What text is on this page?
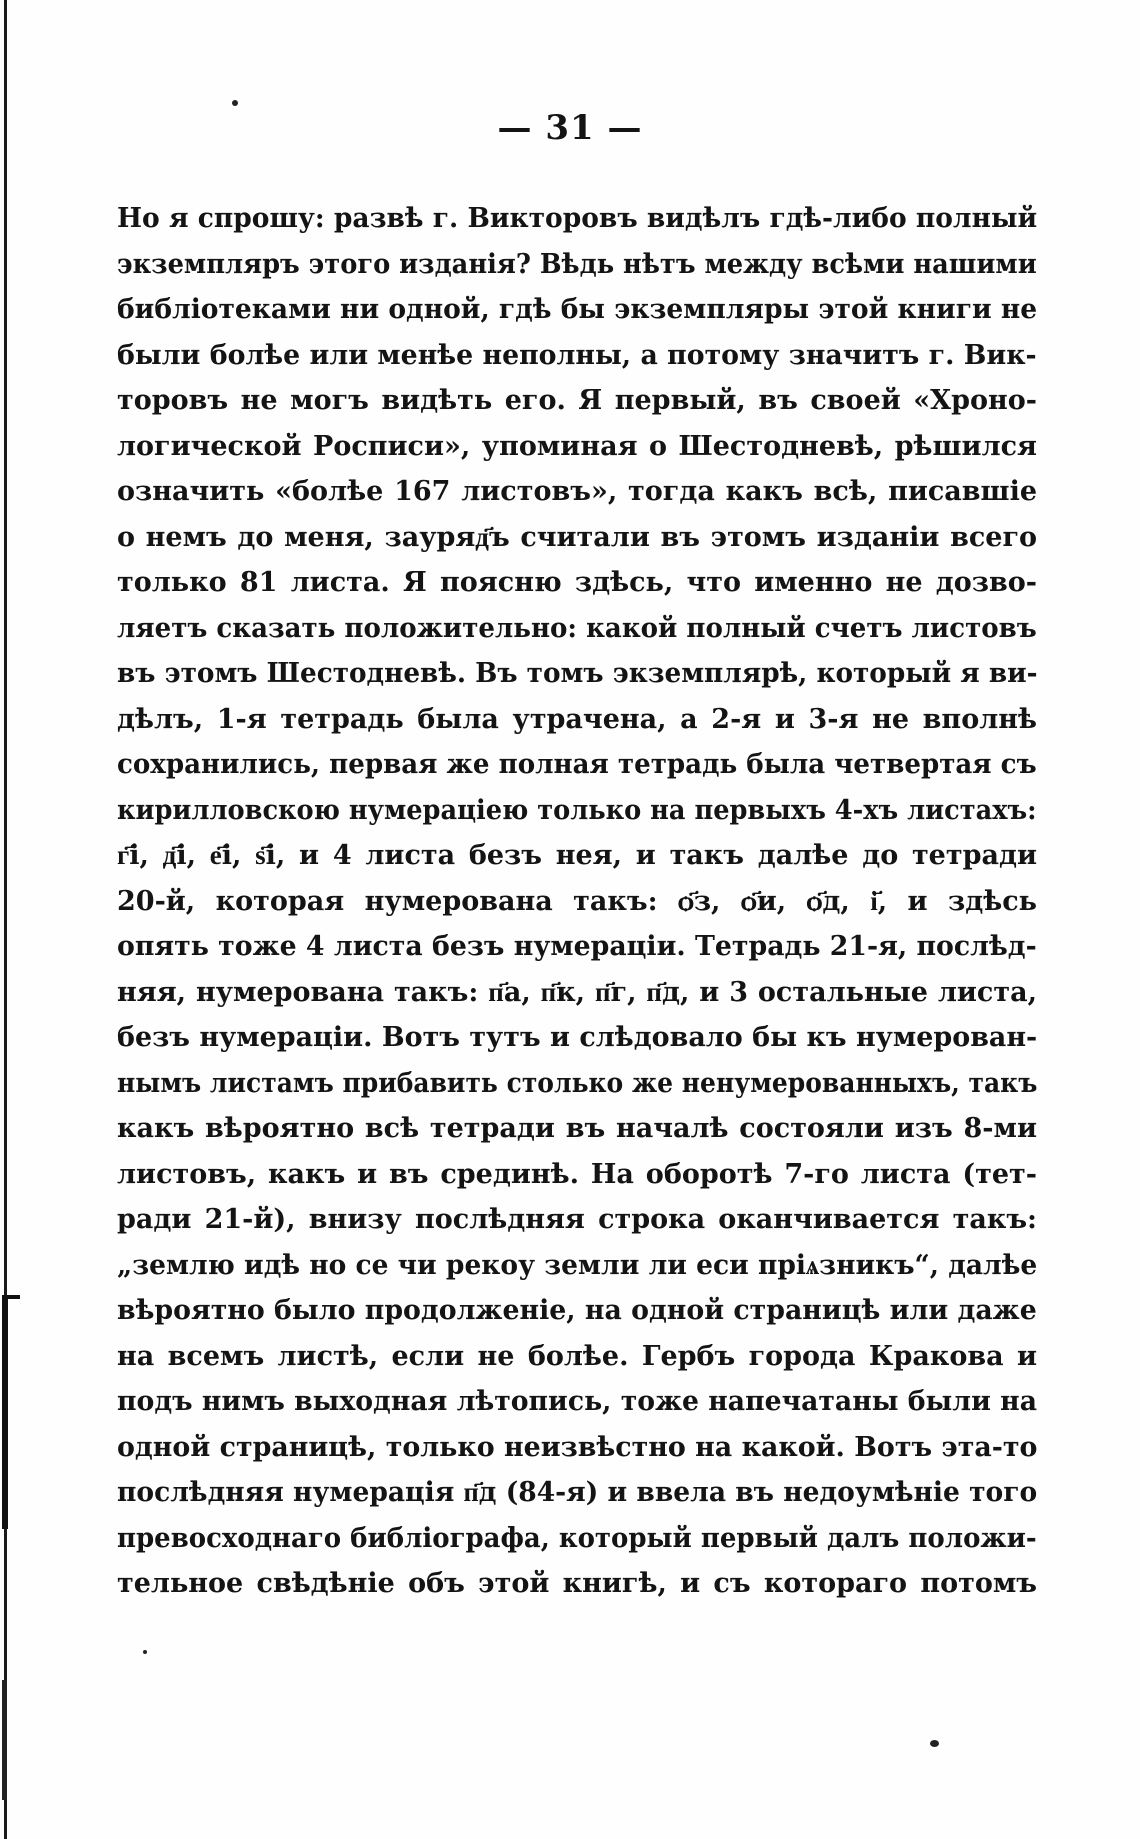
— 31 —
Но я спрошу: развѣ г. Викторовъ видѣлъ гдѣ-либо полный
экземпляръ этого изданія? Вѣдь нѣтъ между всѣми нашими
библіотеками ни одной, гдѣ бы экземпляры этой книги не
были болѣе или менѣе неполны, а потому значитъ г. Вик-
торовъ не могъ видѣть его. Я первый, въ своей «Хроно-
логической Росписи», упоминая о Шестодневѣ, рѣшился
означить «болѣе 167 листовъ», тогда какъ всѣ, писавшіе
о немъ до меня, зауряд҃ъ считали въ этомъ изданіи всего
только 81 листа. Я поясню здѣсь, что именно не дозво-
ляетъ сказать положительно: какой полный счетъ листовъ
въ этомъ Шестодневѣ. Въ томъ экземплярѣ, который я ви-
дѣлъ, 1-я тетрадь была утрачена, а 2-я и 3-я не вполнѣ
сохранились, первая же полная тетрадь была четвертая съ
кирилловскою нумераціею только на первыхъ 4-хъ листахъ:
г҃і, д҃і, е҃і, ѕ҃і, и 4 листа безъ нея, и такъ далѣе до тетради
20-й, которая нумерована такъ: ѻ҃з, ѻ҃и, ѻ҃д, і҃, и здѣсь
опять тоже 4 листа безъ нумераціи. Тетрадь 21-я, послѣд-
няя, нумерована такъ: п҃а, п҃к, п҃г, п҃д, и 3 остальные листа,
безъ нумераціи. Вотъ тутъ и слѣдовало бы къ нумерован-
нымъ листамъ прибавить столько же ненумерованныхъ, такъ
какъ вѣроятно всѣ тетради въ началѣ состояли изъ 8-ми
листовъ, какъ и въ срединѣ. На оборотѣ 7-го листа (тет-
ради 21-й), внизу послѣдняя строка оканчивается такъ:
„землю идѣ но се чи рекоу земли ли еси пріѧзникъ“, далѣе
вѣроятно было продолженіе, на одной страницѣ или даже
на всемъ листѣ, если не болѣе. Гербъ города Кракова и
подъ нимъ выходная лѣтопись, тоже напечатаны были на
одной страницѣ, только неизвѣстно на какой. Вотъ эта-то
послѣдняя нумерація п҃д (84-я) и ввела въ недоумѣніе того
превосходнаго библіографа, который первый далъ положи-
тельное свѣдѣніе объ этой книгѣ, и съ котораго потомъ
